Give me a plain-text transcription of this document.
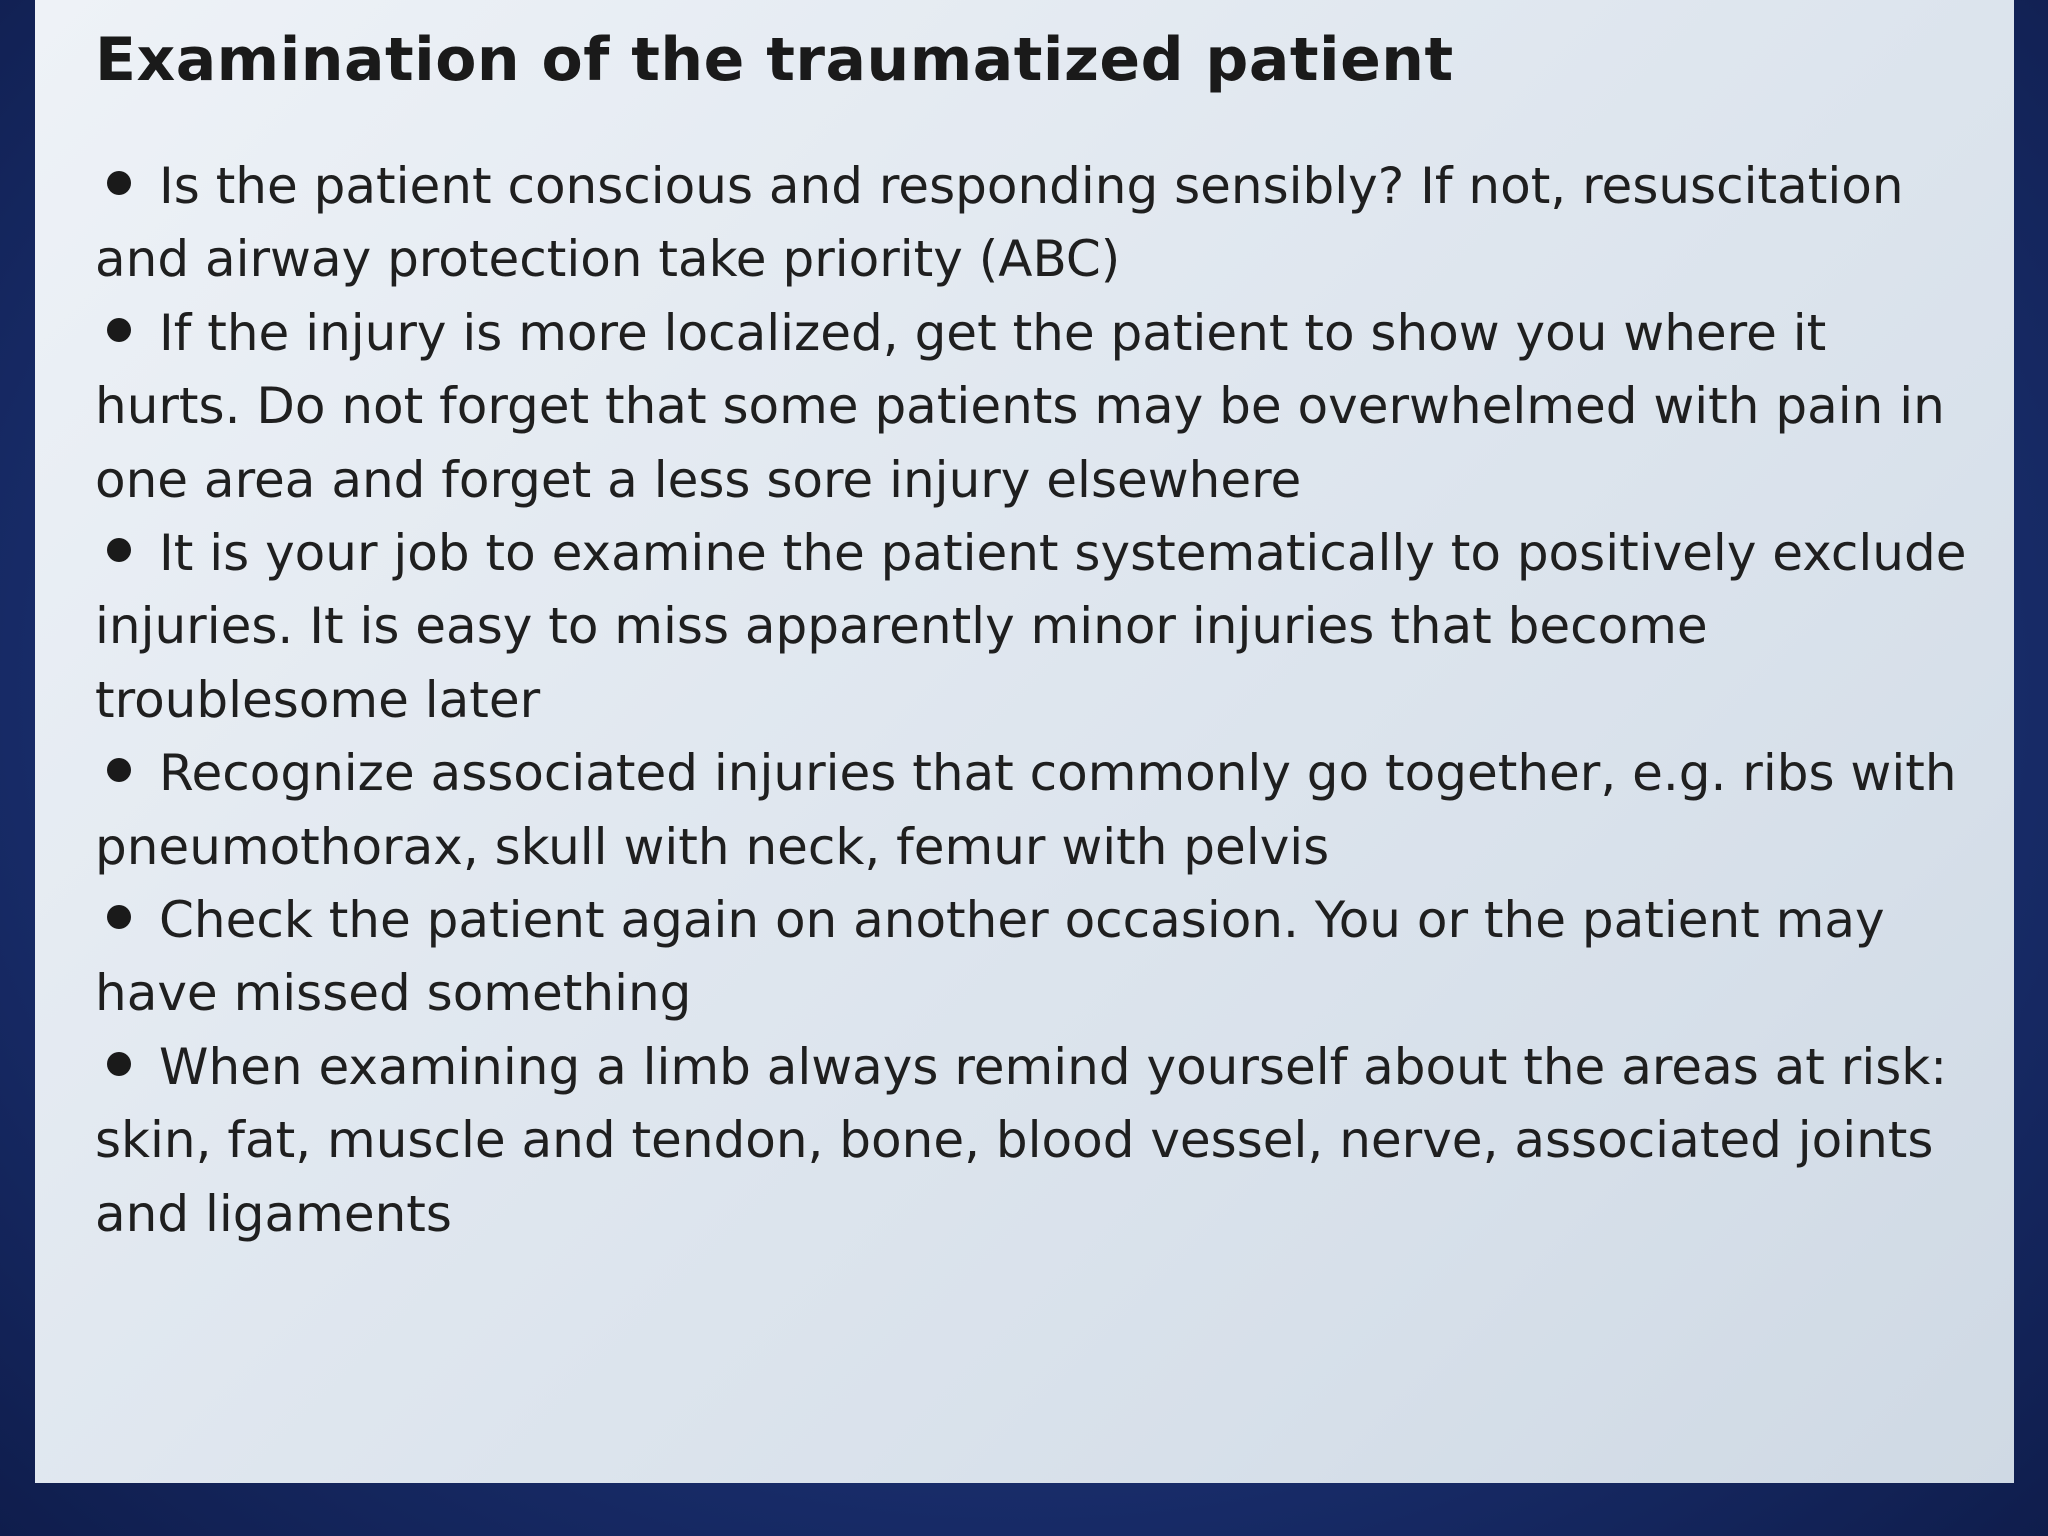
Examination of the traumatized patient
Is the patient conscious and responding sensibly? If not, resuscitation and airway protection take priority (ABC)
If the injury is more localized, get the patient to show you where it hurts. Do not forget that some patients may be overwhelmed with pain in one area and forget a less sore injury elsewhere
It is your job to examine the patient systematically to positively exclude injuries. It is easy to miss apparently minor injuries that become troublesome later
Recognize associated injuries that commonly go together, e.g. ribs with pneumothorax, skull with neck, femur with pelvis
Check the patient again on another occasion. You or the patient may have missed something
When examining a limb always remind yourself about the areas at risk: skin, fat, muscle and tendon, bone, blood vessel, nerve, associated joints and ligaments
